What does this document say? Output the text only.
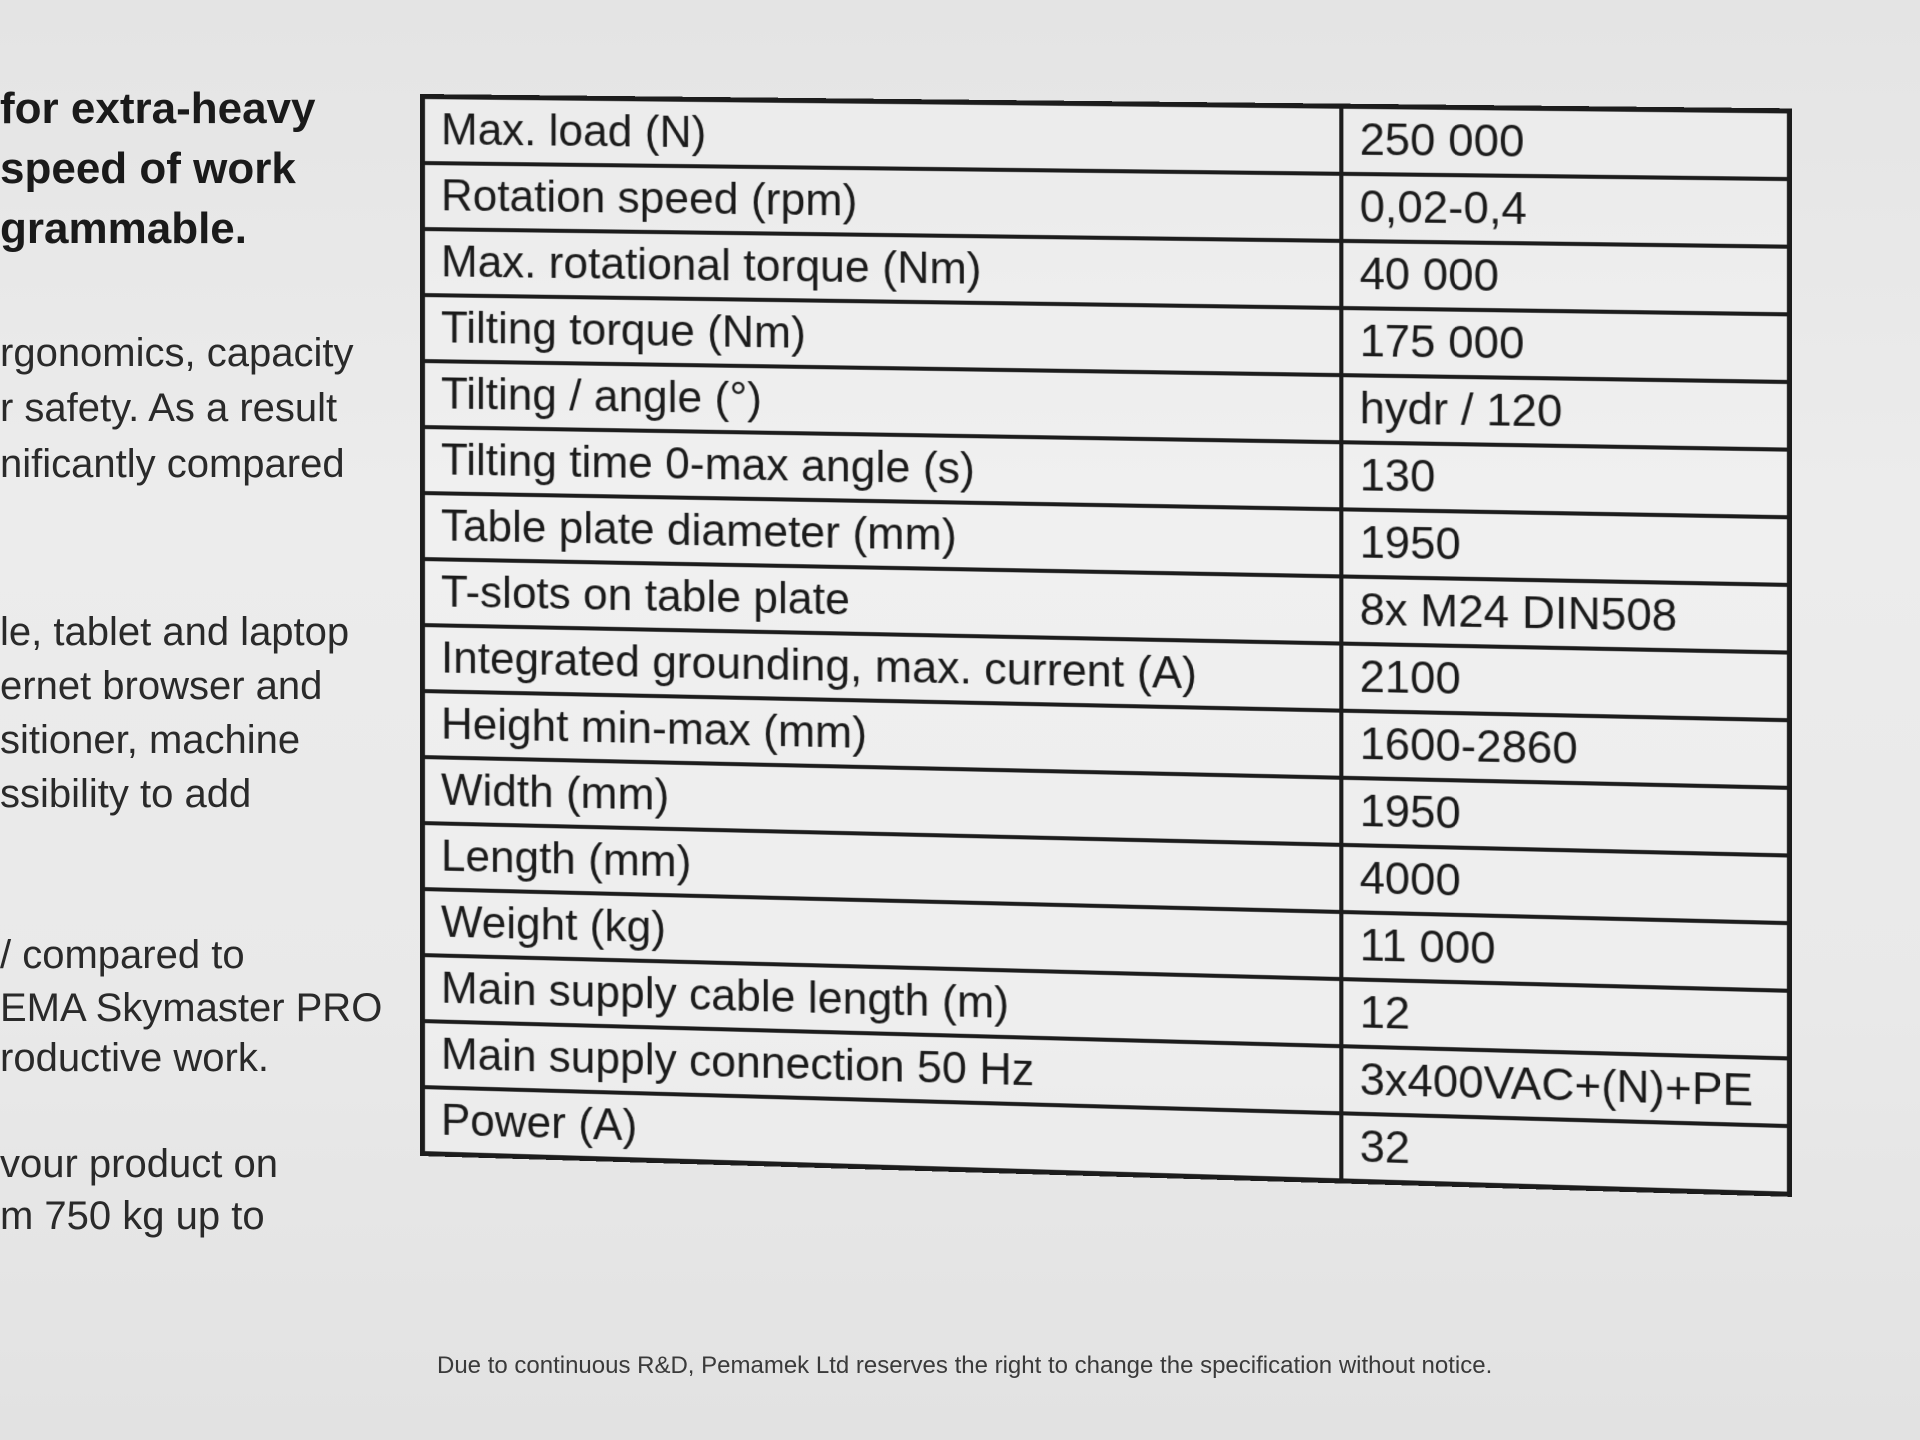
for extra-heavy
speed of work
grammable.
rgonomics, capacity
r safety. As a result
nificantly compared
le, tablet and laptop
ernet browser and
sitioner, machine
ssibility to add
/ compared to
EMA Skymaster PRO
roductive work.
vour product on
m 750 kg up to
Max. load (N)	250 000
Rotation speed (rpm)	0,02-0,4
Max. rotational torque (Nm)	40 000
Tilting torque (Nm)	175 000
Tilting / angle (°)	hydr / 120
Tilting time 0-max angle (s)	130
Table plate diameter (mm)	1950
T-slots on table plate	8x M24 DIN508
Integrated grounding, max. current (A)	2100
Height min-max (mm)	1600-2860
Width (mm)	1950
Length (mm)	4000
Weight (kg)	11 000
Main supply cable length (m)	12
Main supply connection 50 Hz	3x400VAC+(N)+PE
Power (A)	32
Due to continuous R&D, Pemamek Ltd reserves the right to change the specification without notice.
